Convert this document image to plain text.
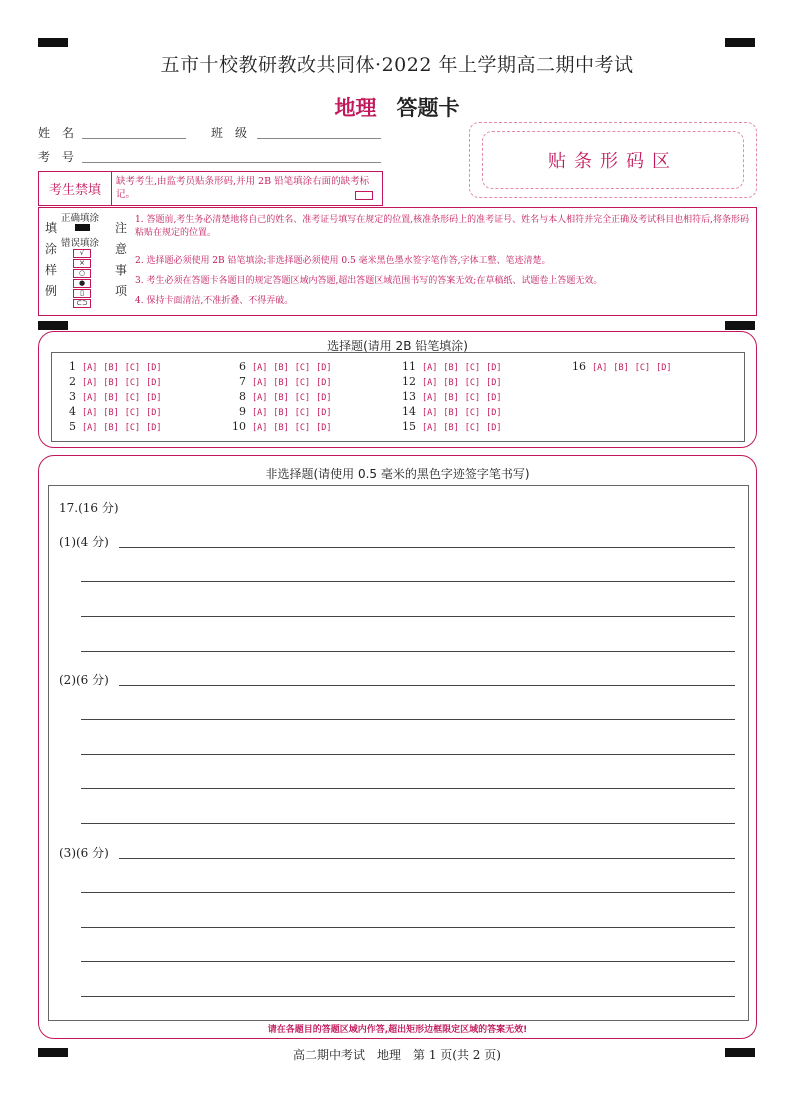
五市十校教研教改共同体·2022 年上学期高二期中考试
地理 答题卡
姓名	班级
考号	贴条形码区
考生禁填
缺考考生,由监考员贴条形码,并用 2B 铅笔填涂右面的缺考标记。
填
涂
样
例
正确填涂
错误填涂
√
×
○
●
▯
⊂⊃
注
意
事
项
1. 答题前,考生务必清楚地将自己的姓名、准考证号填写在规定的位置,核准条形码上的准考证号、姓名与本人相符并完全正确及考试科目也相符后,将条形码粘贴在规定的位置。
2. 选择题必须使用 2B 铅笔填涂;非选择题必须使用 0.5 毫米黑色墨水签字笔作答,字体工整、笔迹清楚。
3. 考生必须在答题卡各题目的规定答题区域内答题,超出答题区域范围书写的答案无效;在草稿纸、试题卷上答题无效。
4. 保持卡面清洁,不准折叠、不得弄破。
选择题(请用 2B 铅笔填涂)
1 [A] [B] [C] [D]
2 [A] [B] [C] [D]
3 [A] [B] [C] [D]
4 [A] [B] [C] [D]
5 [A] [B] [C] [D]
6 [A] [B] [C] [D]
7 [A] [B] [C] [D]
8 [A] [B] [C] [D]
9 [A] [B] [C] [D]
10 [A] [B] [C] [D]
11 [A] [B] [C] [D]
12 [A] [B] [C] [D]
13 [A] [B] [C] [D]
14 [A] [B] [C] [D]
15 [A] [B] [C] [D]
16 [A] [B] [C] [D]
非选择题(请使用 0.5 毫米的黑色字迹签字笔书写)
17.(16 分)
(1)(4 分)
(2)(6 分)
(3)(6 分)
请在各题目的答题区域内作答,超出矩形边框限定区域的答案无效!
高二期中考试　地理　第 1 页(共 2 页)
